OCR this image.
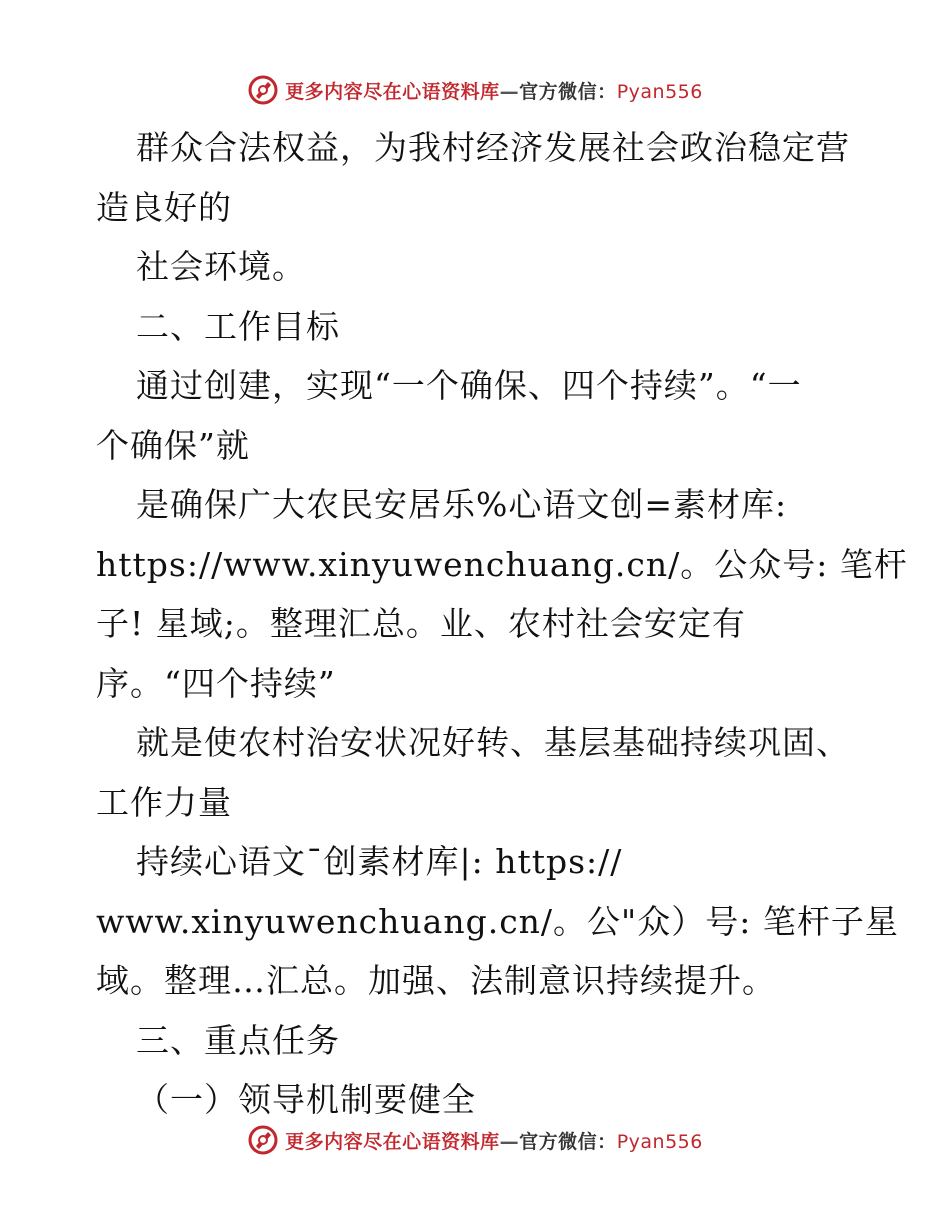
更多内容尽在心语资料库—官方微信：Pyan556
群众合法权益，为我村经济发展社会政治稳定营
造良好的
社会环境。
二、工作目标
通过创建，实现“一个确保、四个持续”。“一
个确保”就
是确保广大农民安居乐%心语文创=素材库:
https://www.xinyuwenchuang.cn/。公众号: 笔杆
子! 星域;。整理汇总。业、农村社会安定有
序。“四个持续”
就是使农村治安状况好转、基层基础持续巩固、
工作力量
持续心语文¯创素材库|: https://
www.xinyuwenchuang.cn/。公"众）号: 笔杆子星
域。整理…汇总。加强、法制意识持续提升。
三、重点任务
（一）领导机制要健全
更多内容尽在心语资料库—官方微信：Pyan556
